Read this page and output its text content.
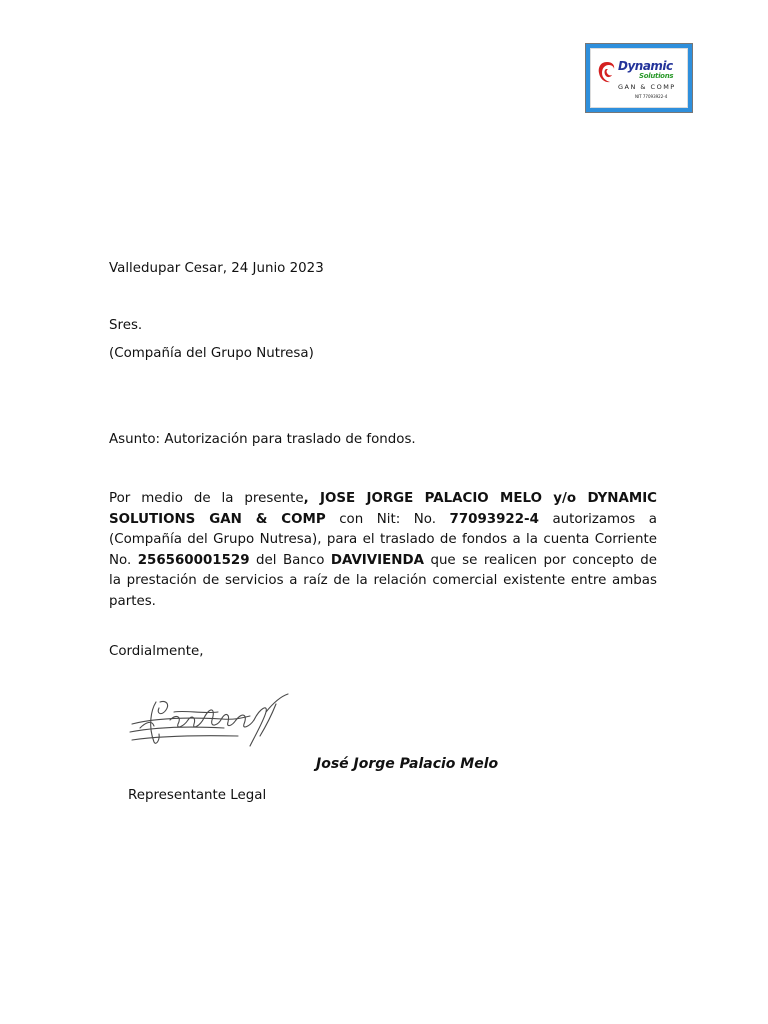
Dynamic
Solutions
GAN & COMP
NIT 77093922-4

Valledupar Cesar, 24 Junio 2023

Sres.

(Compañía del Grupo Nutresa)

Asunto: Autorización para traslado de fondos.

Por medio de la presente, JOSE JORGE PALACIO MELO y/o DYNAMIC
SOLUTIONS GAN & COMP con Nit: No. 77093922-4 autorizamos a
(Compañía del Grupo Nutresa), para el traslado de fondos a la cuenta Corriente
No. 256560001529 del Banco DAVIVIENDA que se realicen por concepto de
la prestación de servicios a raíz de la relación comercial existente entre ambas
partes.

Cordialmente,

José Jorge Palacio Melo

Representante Legal
